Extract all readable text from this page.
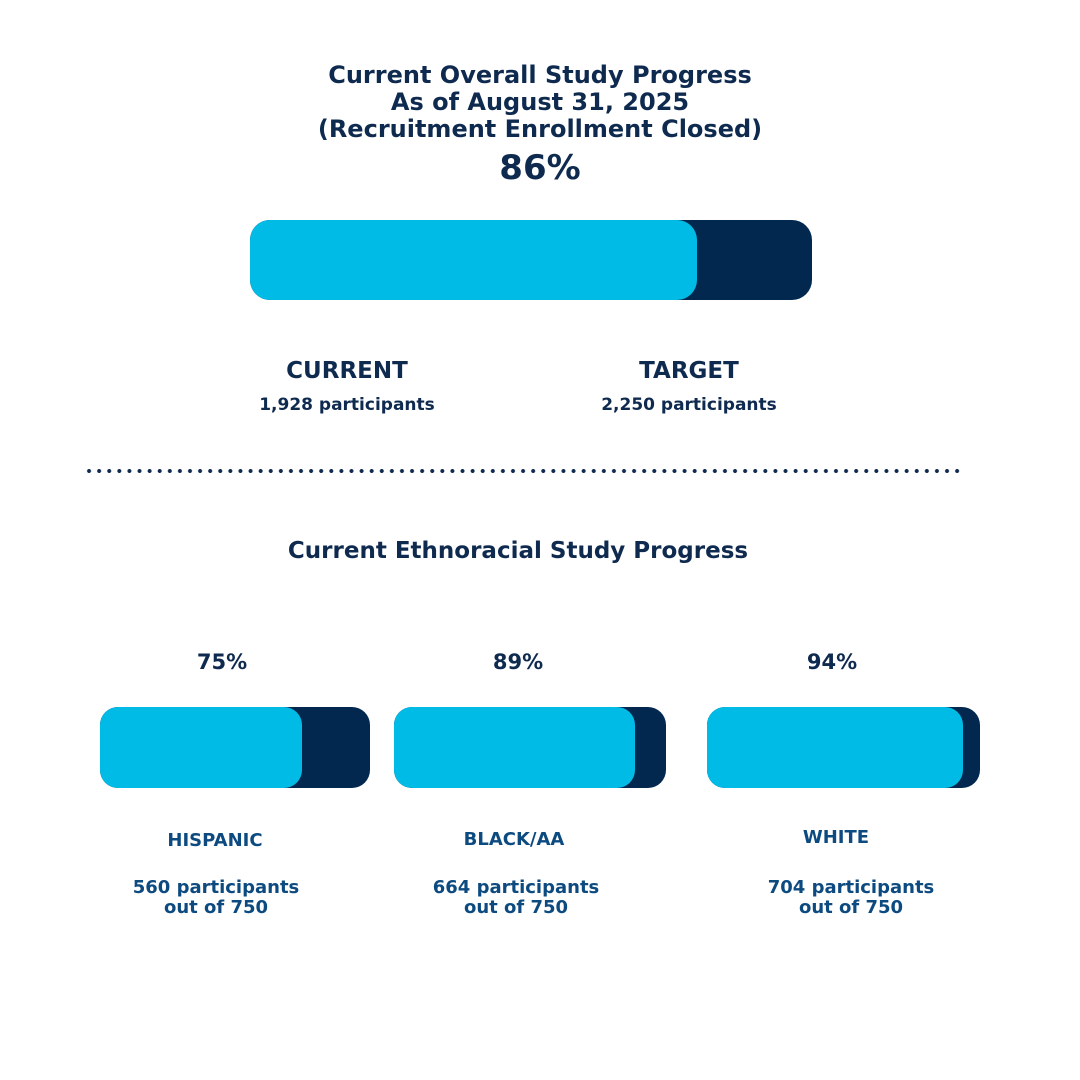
Current Overall Study Progress
As of August 31, 2025
(Recruitment Enrollment Closed)
86%
CURRENT
1,928 participants
TARGET
2,250 participants
Current Ethnoracial Study Progress
75%
HISPANIC
560 participants
out of 750
89%
BLACK/AA
664 participants
out of 750
94%
WHITE
704 participants
out of 750
